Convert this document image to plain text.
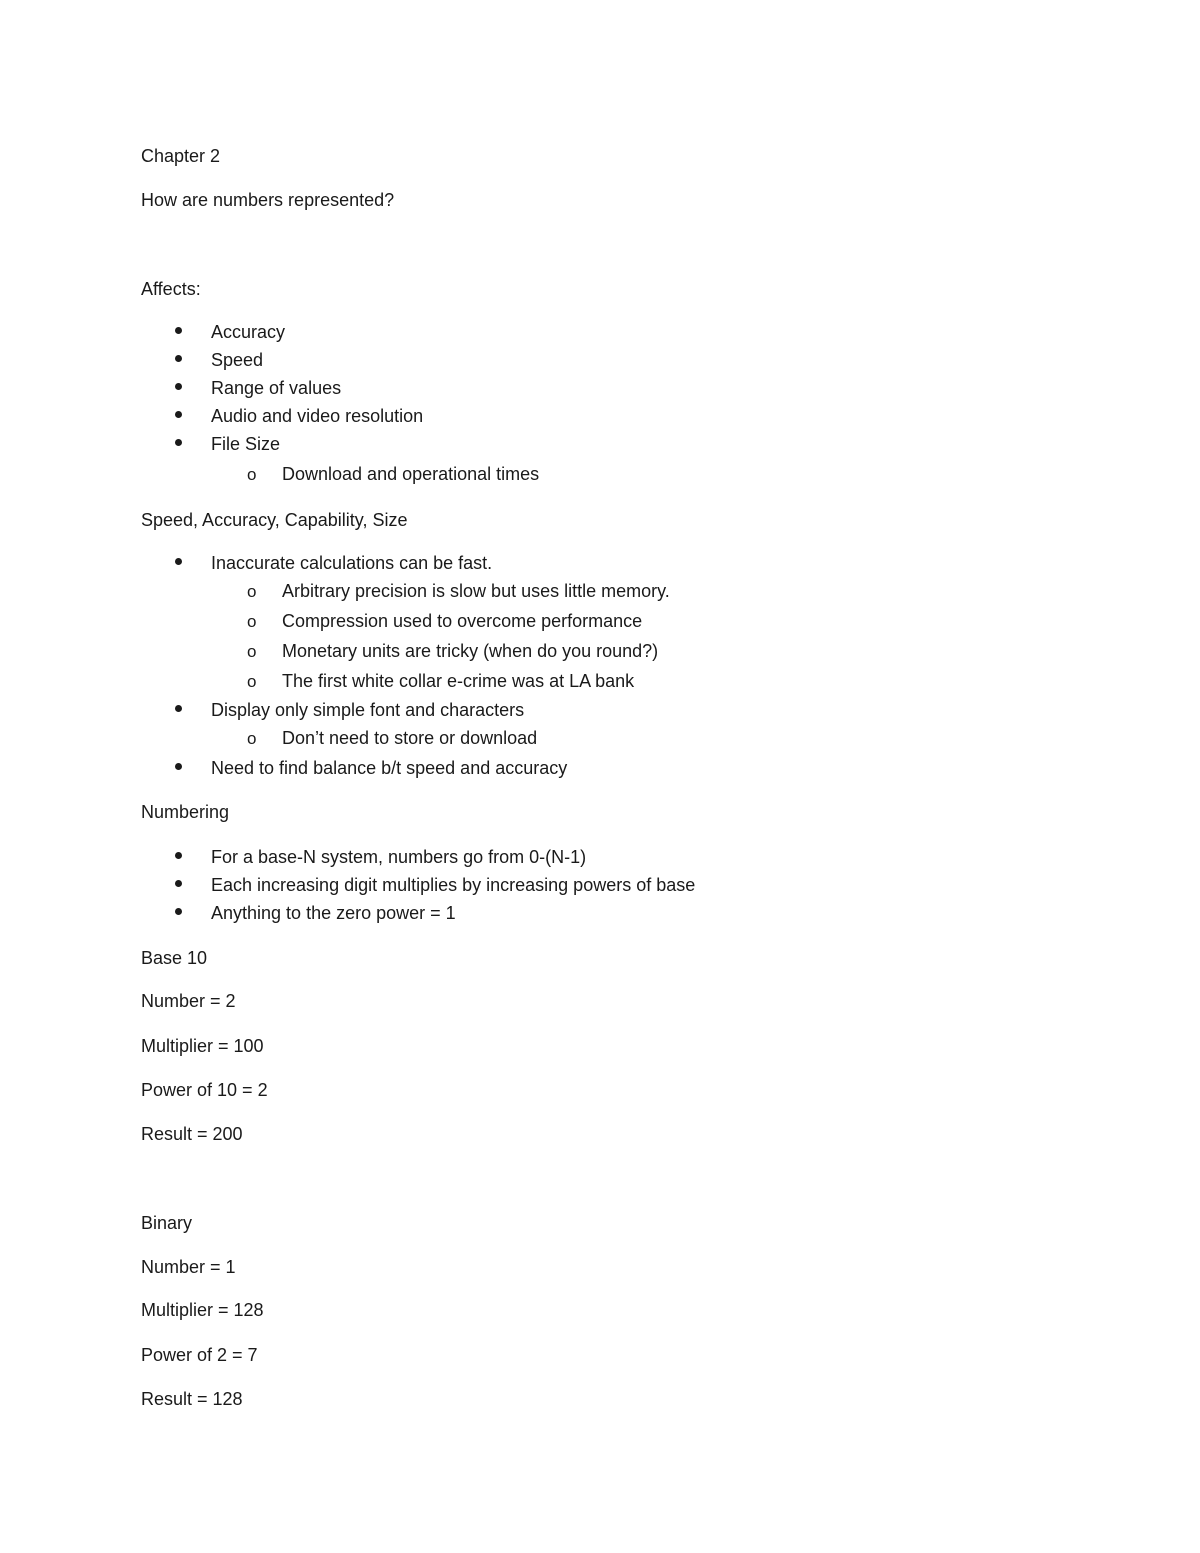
Chapter 2
How are numbers represented?
Affects:
Accuracy
Speed
Range of values
Audio and video resolution
File Size
o Download and operational times
Speed, Accuracy, Capability, Size
Inaccurate calculations can be fast.
o Arbitrary precision is slow but uses little memory.
o Compression used to overcome performance
o Monetary units are tricky (when do you round?)
o The first white collar e-crime was at LA bank
Display only simple font and characters
o Don’t need to store or download
Need to find balance b/t speed and accuracy
Numbering
For a base-N system, numbers go from 0-(N-1)
Each increasing digit multiplies by increasing powers of base
Anything to the zero power = 1
Base 10
Number = 2
Multiplier = 100
Power of 10 = 2
Result = 200
Binary
Number = 1
Multiplier = 128
Power of 2 = 7
Result = 128
